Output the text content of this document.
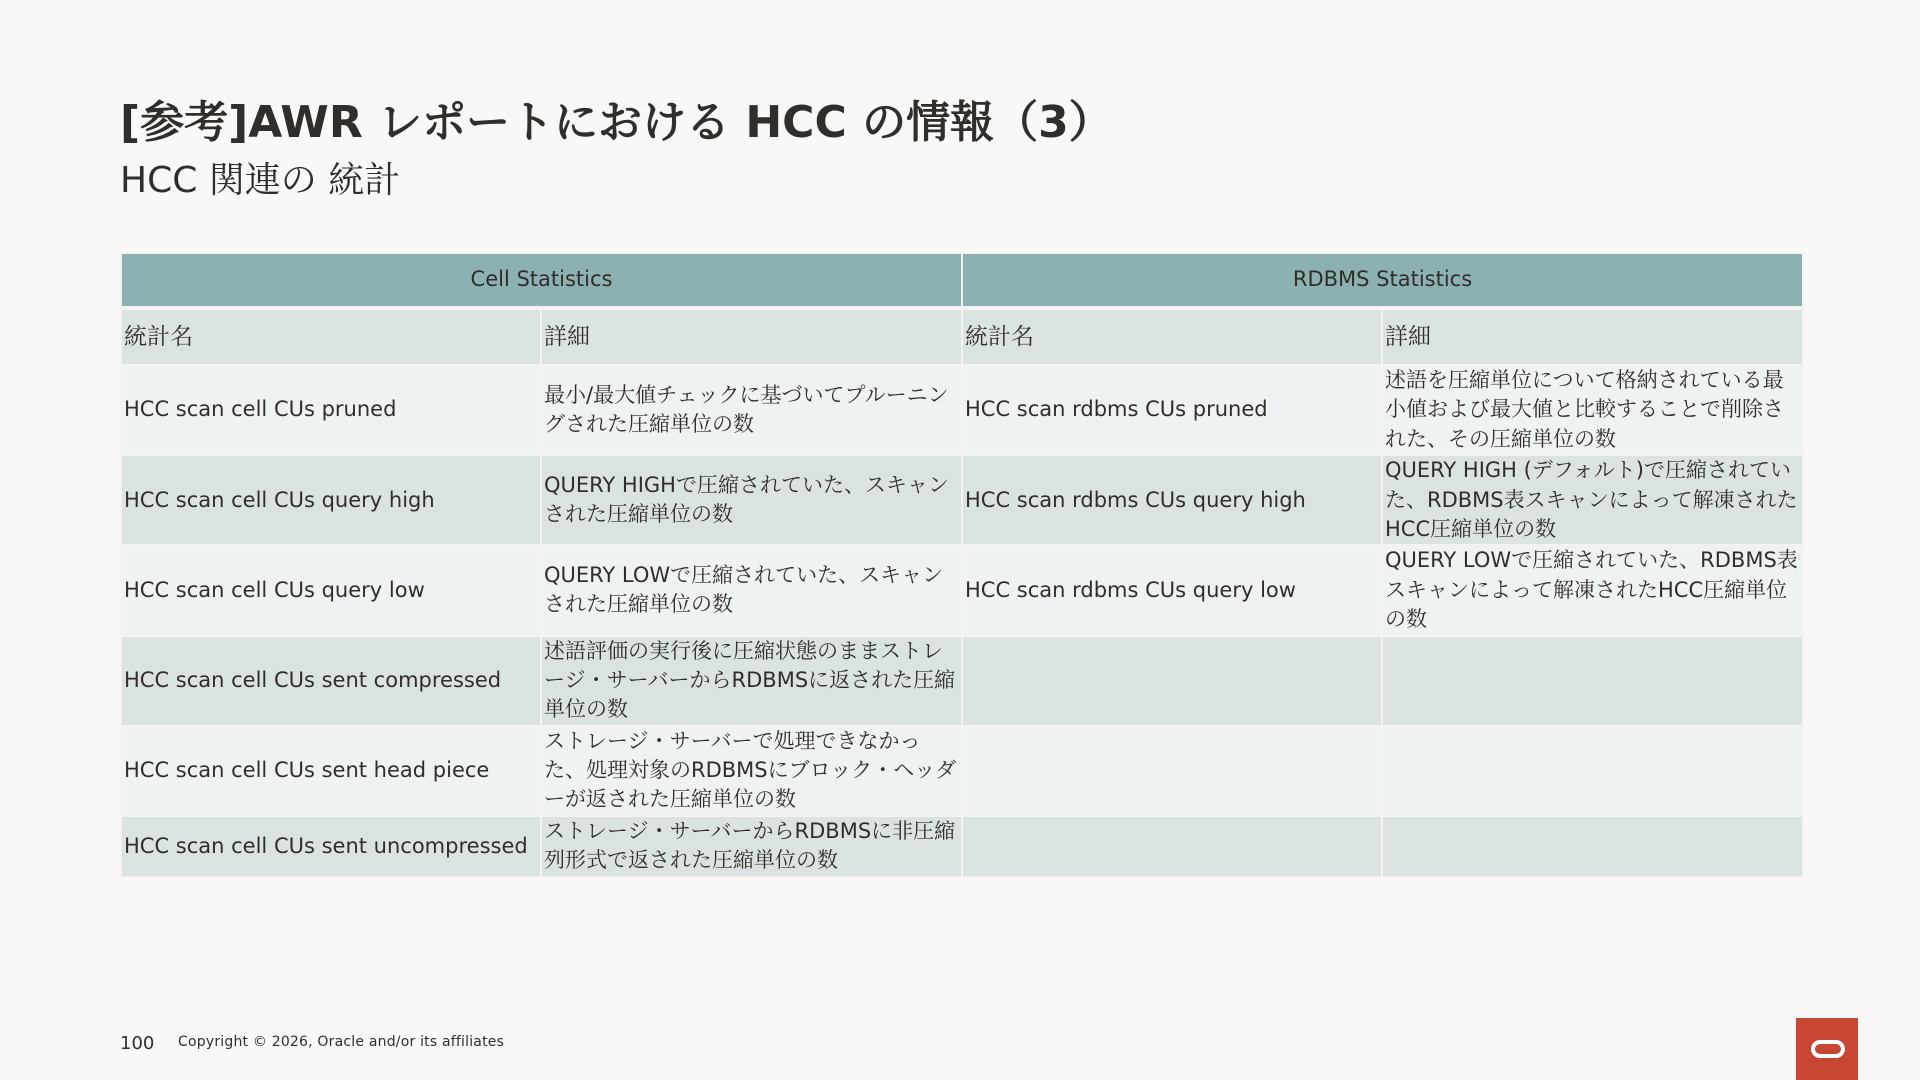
[参考]AWR レポートにおける HCC の情報（3）
HCC 関連の 統計
Cell Statistics		RDBMS Statistics	
統計名	詳細	統計名	詳細
HCC scan cell CUs pruned	最小/最大値チェックに基づいてプルーニングされた圧縮単位の数	HCC scan rdbms CUs pruned	述語を圧縮単位について格納されている最小値および最大値と比較することで削除された、その圧縮単位の数
HCC scan cell CUs query high	QUERY HIGHで圧縮されていた、スキャンされた圧縮単位の数	HCC scan rdbms CUs query high	QUERY HIGH (デフォルト)で圧縮されていた、RDBMS表スキャンによって解凍されたHCC圧縮単位の数
HCC scan cell CUs query low	QUERY LOWで圧縮されていた、スキャンされた圧縮単位の数	HCC scan rdbms CUs query low	QUERY LOWで圧縮されていた、RDBMS表スキャンによって解凍されたHCC圧縮単位の数
HCC scan cell CUs sent compressed	述語評価の実行後に圧縮状態のままストレージ・サーバーからRDBMSに返された圧縮単位の数		
HCC scan cell CUs sent head piece	ストレージ・サーバーで処理できなかった、処理対象のRDBMSにブロック・ヘッダーが返された圧縮単位の数		
HCC scan cell CUs sent uncompressed	ストレージ・サーバーからRDBMSに非圧縮列形式で返された圧縮単位の数		
100 Copyright © 2026, Oracle and/or its affiliates
